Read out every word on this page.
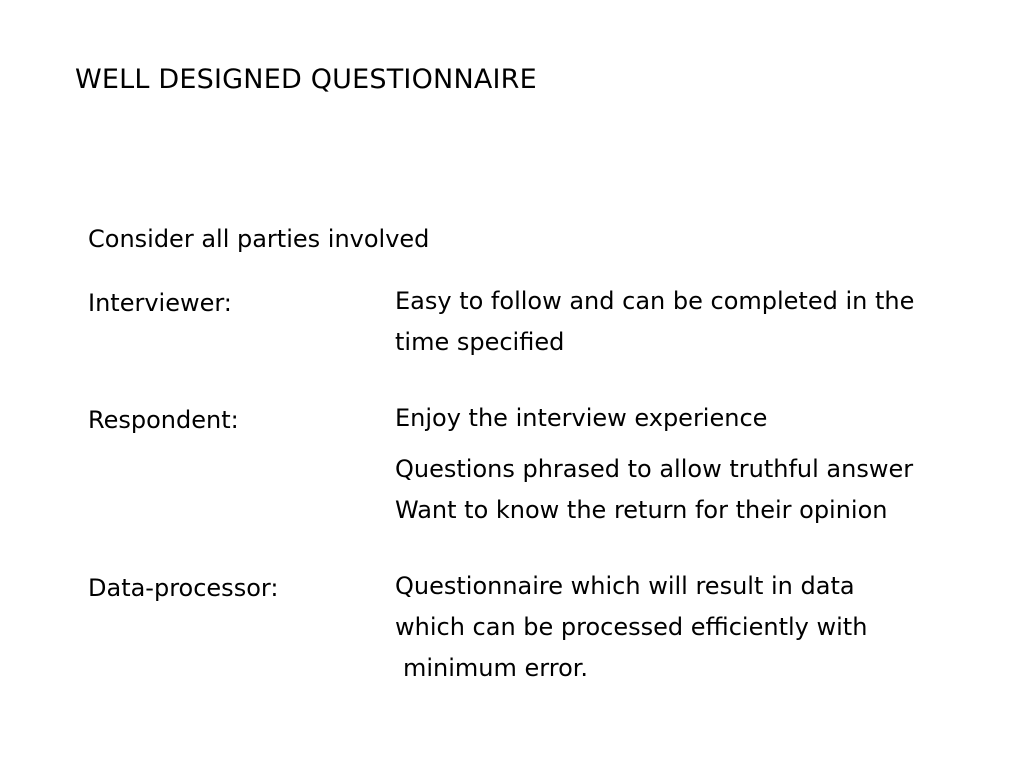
WELL DESIGNED QUESTIONNAIRE
Consider all parties involved
Interviewer:	Easy to follow and can be completed in the
time specified
Respondent:	Enjoy the interview experience
Questions phrased to allow truthful answer
Want to know the return for their opinion
Data-processor:	Questionnaire which will result in data
which can be processed efficiently with
minimum error.
